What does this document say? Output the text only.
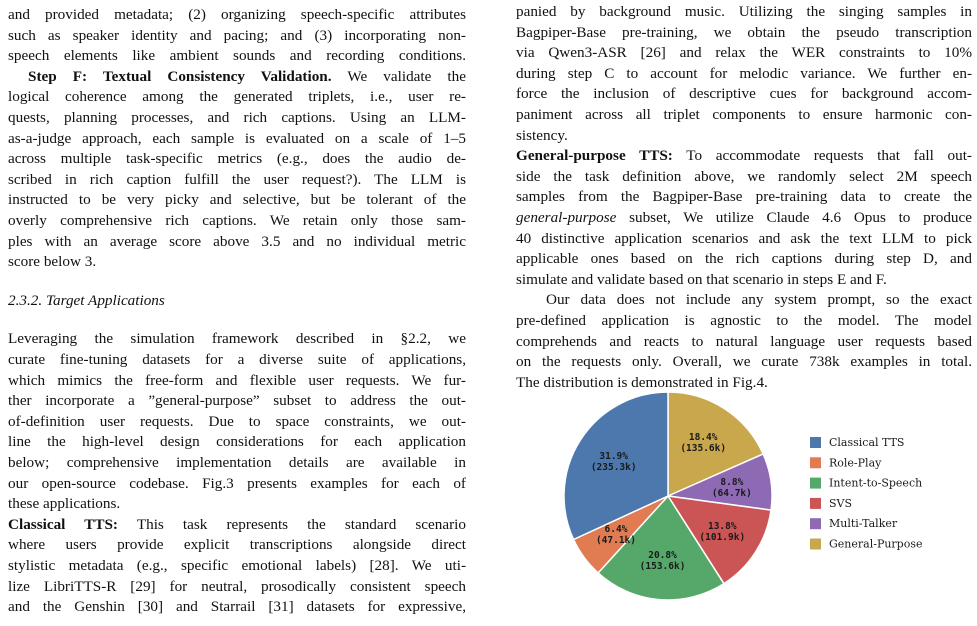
and provided metadata; (2) organizing speech-specific attributes
such as speaker identity and pacing; and (3) incorporating non-
speech elements like ambient sounds and recording conditions.
Step F: Textual Consistency Validation. We validate the
logical coherence among the generated triplets, i.e., user re-
quests, planning processes, and rich captions. Using an LLM-
as-a-judge approach, each sample is evaluated on a scale of 1–5
across multiple task-specific metrics (e.g., does the audio de-
scribed in rich caption fulfill the user request?). The LLM is
instructed to be very picky and selective, but be tolerant of the
overly comprehensive rich captions. We retain only those sam-
ples with an average score above 3.5 and no individual metric
score below 3.
2.3.2. Target Applications
Leveraging the simulation framework described in §2.2, we
curate fine-tuning datasets for a diverse suite of applications,
which mimics the free-form and flexible user requests. We fur-
ther incorporate a ”general-purpose” subset to address the out-
of-definition user requests. Due to space constraints, we out-
line the high-level design considerations for each application
below; comprehensive implementation details are available in
our open-source codebase. Fig.3 presents examples for each of
these applications.
Classical TTS: This task represents the standard scenario
where users provide explicit transcriptions alongside direct
stylistic metadata (e.g., specific emotional labels) [28]. We uti-
lize LibriTTS-R [29] for neutral, prosodically consistent speech
and the Genshin [30] and Starrail [31] datasets for expressive,
panied by background music. Utilizing the singing samples in
Bagpiper-Base pre-training, we obtain the pseudo transcription
via Qwen3-ASR [26] and relax the WER constraints to 10%
during step C to account for melodic variance. We further en-
force the inclusion of descriptive cues for background accom-
paniment across all triplet components to ensure harmonic con-
sistency.
General-purpose TTS: To accommodate requests that fall out-
side the task definition above, we randomly select 2M speech
samples from the Bagpiper-Base pre-training data to create the
general-purpose subset, We utilize Claude 4.6 Opus to produce
40 distinctive application scenarios and ask the text LLM to pick
applicable ones based on the rich captions during step D, and
simulate and validate based on that scenario in steps E and F.
Our data does not include any system prompt, so the exact
pre-defined application is agnostic to the model. The model
comprehends and reacts to natural language user requests based
on the requests only. Overall, we curate 738k examples in total.
The distribution is demonstrated in Fig.4.
18.4%
(135.6k)
8.8%
(64.7k)
13.8%
(101.9k)
20.8%
(153.6k)
6.4%
(47.1k)
31.9%
(235.3k)
Classical TTS
Role-Play
Intent-to-Speech
SVS
Multi-Talker
General-Purpose
